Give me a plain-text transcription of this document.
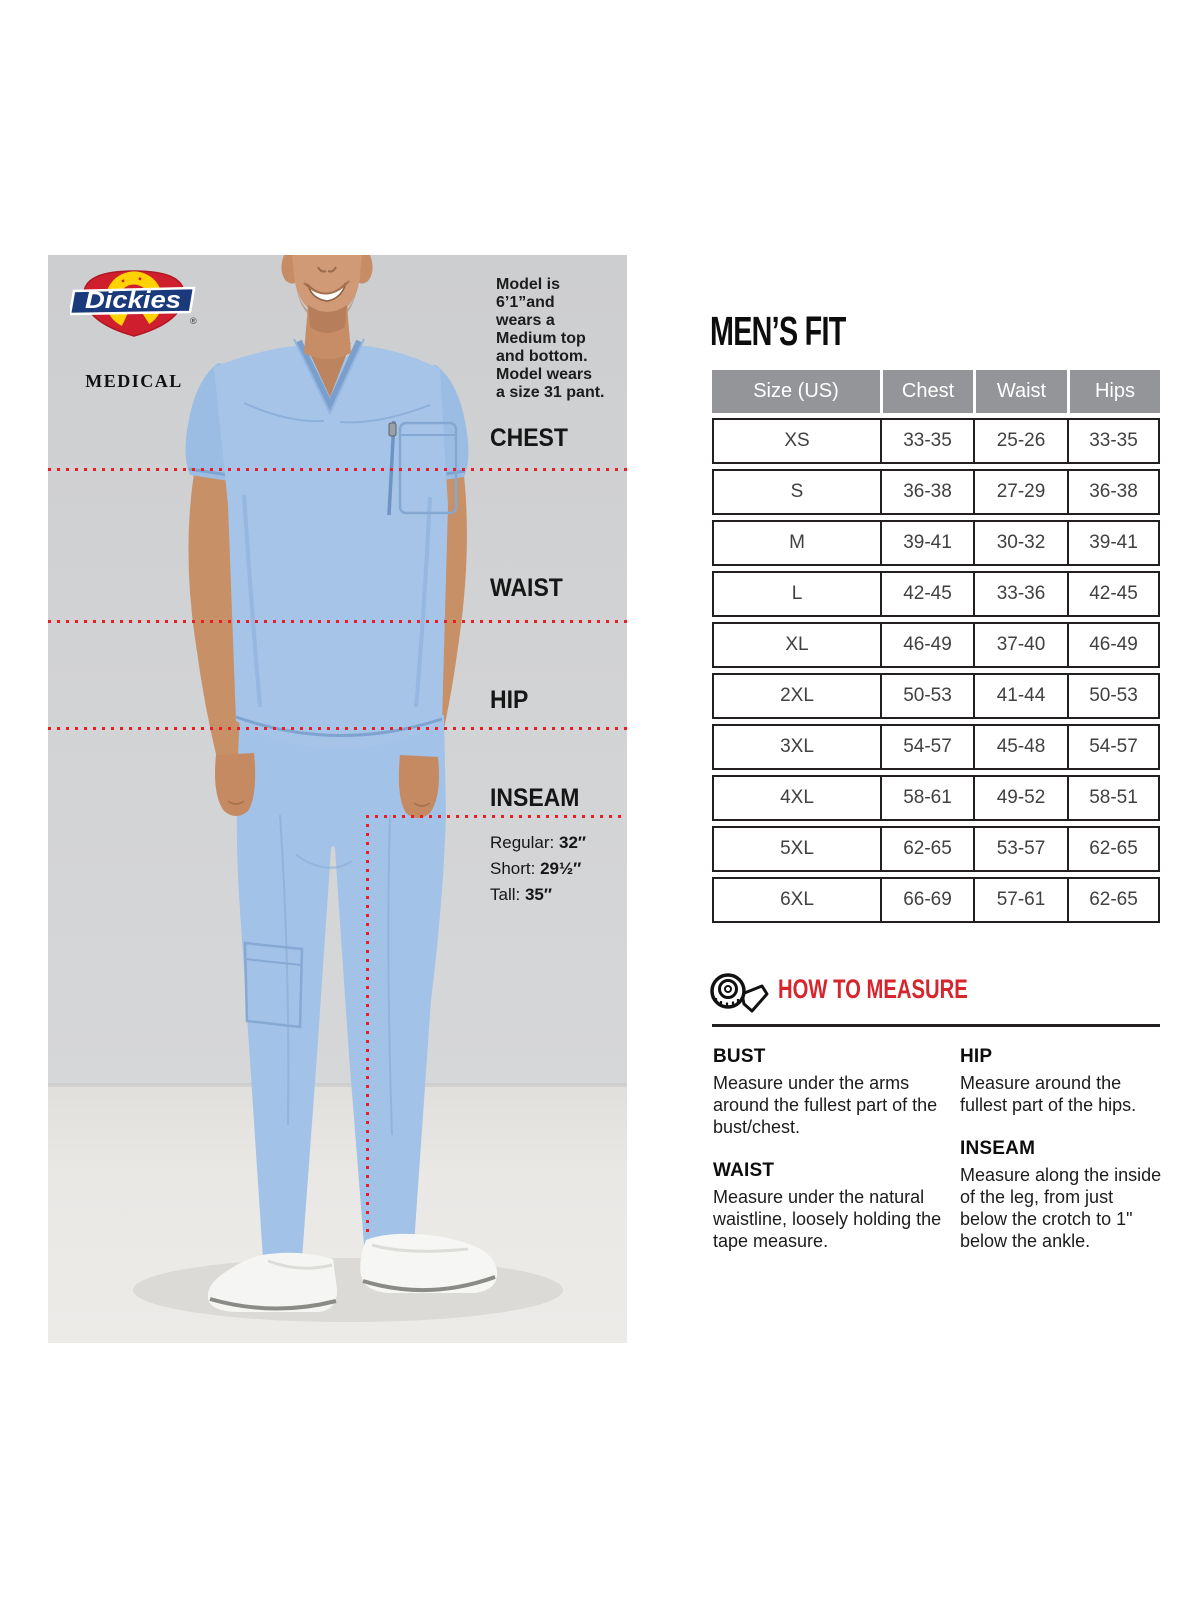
Dickies
®
MEDICAL
Model is
6’1”and
wears a
Medium top
and bottom.
Model wears
a size 31 pant.
CHEST
WAIST
HIP
INSEAM
Regular: 32″
Short: 29½″
Tall: 35″
MEN’S FIT
Size (US)	Chest	Waist	Hips
XS	33-35	25-26	33-35
S	36-38	27-29	36-38
M	39-41	30-32	39-41
L	42-45	33-36	42-45
XL	46-49	37-40	46-49
2XL	50-53	41-44	50-53
3XL	54-57	45-48	54-57
4XL	58-61	49-52	58-51
5XL	62-65	53-57	62-65
6XL	66-69	57-61	62-65
HOW TO MEASURE
BUST

Measure under the arms around the fullest part of the bust/chest.

WAIST

Measure under the natural waistline, loosely holding the tape measure.

HIP

Measure around the fullest part of the hips.

INSEAM

Measure along the inside of the leg, from just below the crotch to 1" below the ankle.
